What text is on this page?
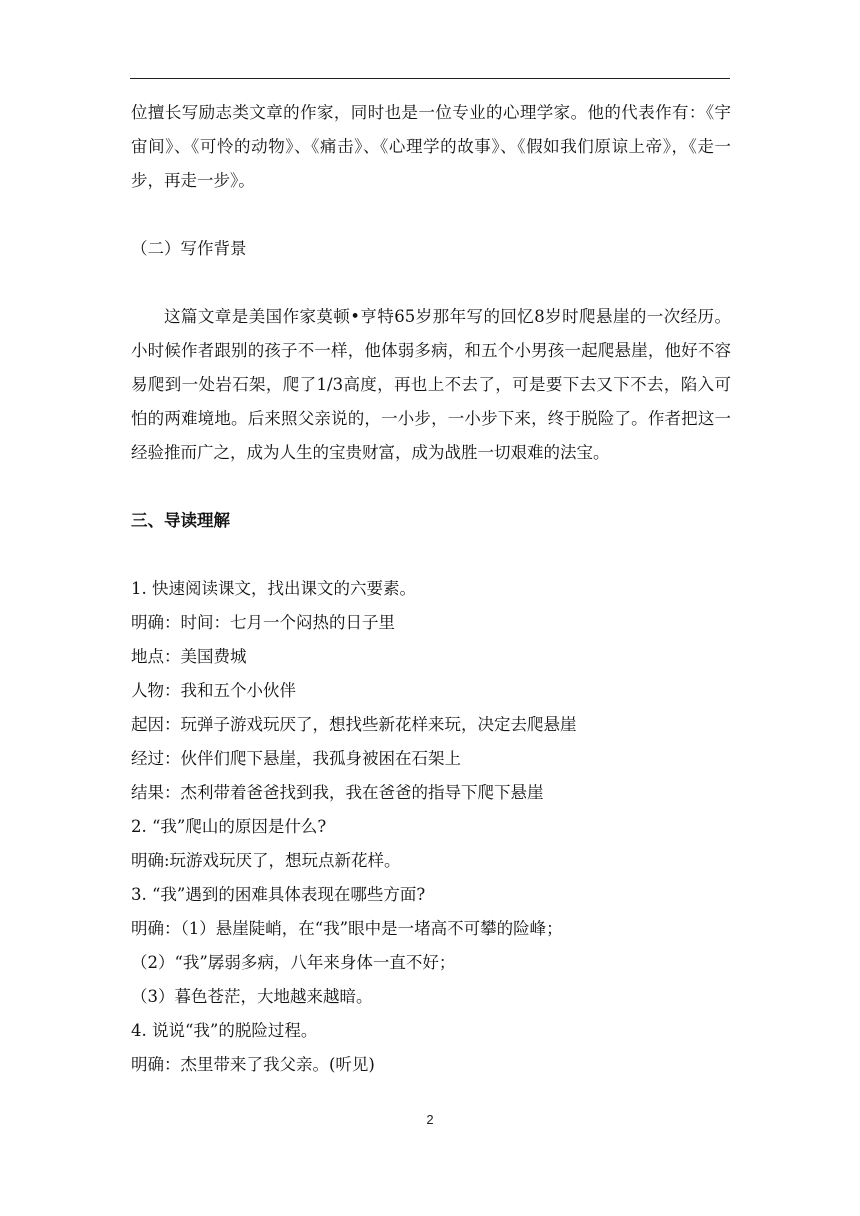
位擅长写励志类文章的作家，同时也是一位专业的心理学家。他的代表作有：《宇宙间》、《可怜的动物》、《痛击》、《心理学的故事》、《假如我们原谅上帝》，《走一步，再走一步》。

（二）写作背景

这篇文章是美国作家莫顿•亨特65岁那年写的回忆8岁时爬悬崖的一次经历。小时候作者跟别的孩子不一样，他体弱多病，和五个小男孩一起爬悬崖，他好不容易爬到一处岩石架，爬了1/3高度，再也上不去了，可是要下去又下不去，陷入可怕的两难境地。后来照父亲说的，一小步，一小步下来，终于脱险了。作者把这一经验推而广之，成为人生的宝贵财富，成为战胜一切艰难的法宝。

三、导读理解

1. 快速阅读课文，找出课文的六要素。

明确：时间：七月一个闷热的日子里

地点：美国费城

人物：我和五个小伙伴

起因：玩弹子游戏玩厌了，想找些新花样来玩，决定去爬悬崖

经过：伙伴们爬下悬崖，我孤身被困在石架上

结果：杰利带着爸爸找到我，我在爸爸的指导下爬下悬崖

2. “我”爬山的原因是什么?

明确:玩游戏玩厌了，想玩点新花样。

3. “我”遇到的困难具体表现在哪些方面?

明确：（1）悬崖陡峭，在“我”眼中是一堵高不可攀的险峰；

（2）“我”孱弱多病，八年来身体一直不好；

（3）暮色苍茫，大地越来越暗。

4. 说说“我”的脱险过程。

明确：杰里带来了我父亲。(听见)

2
